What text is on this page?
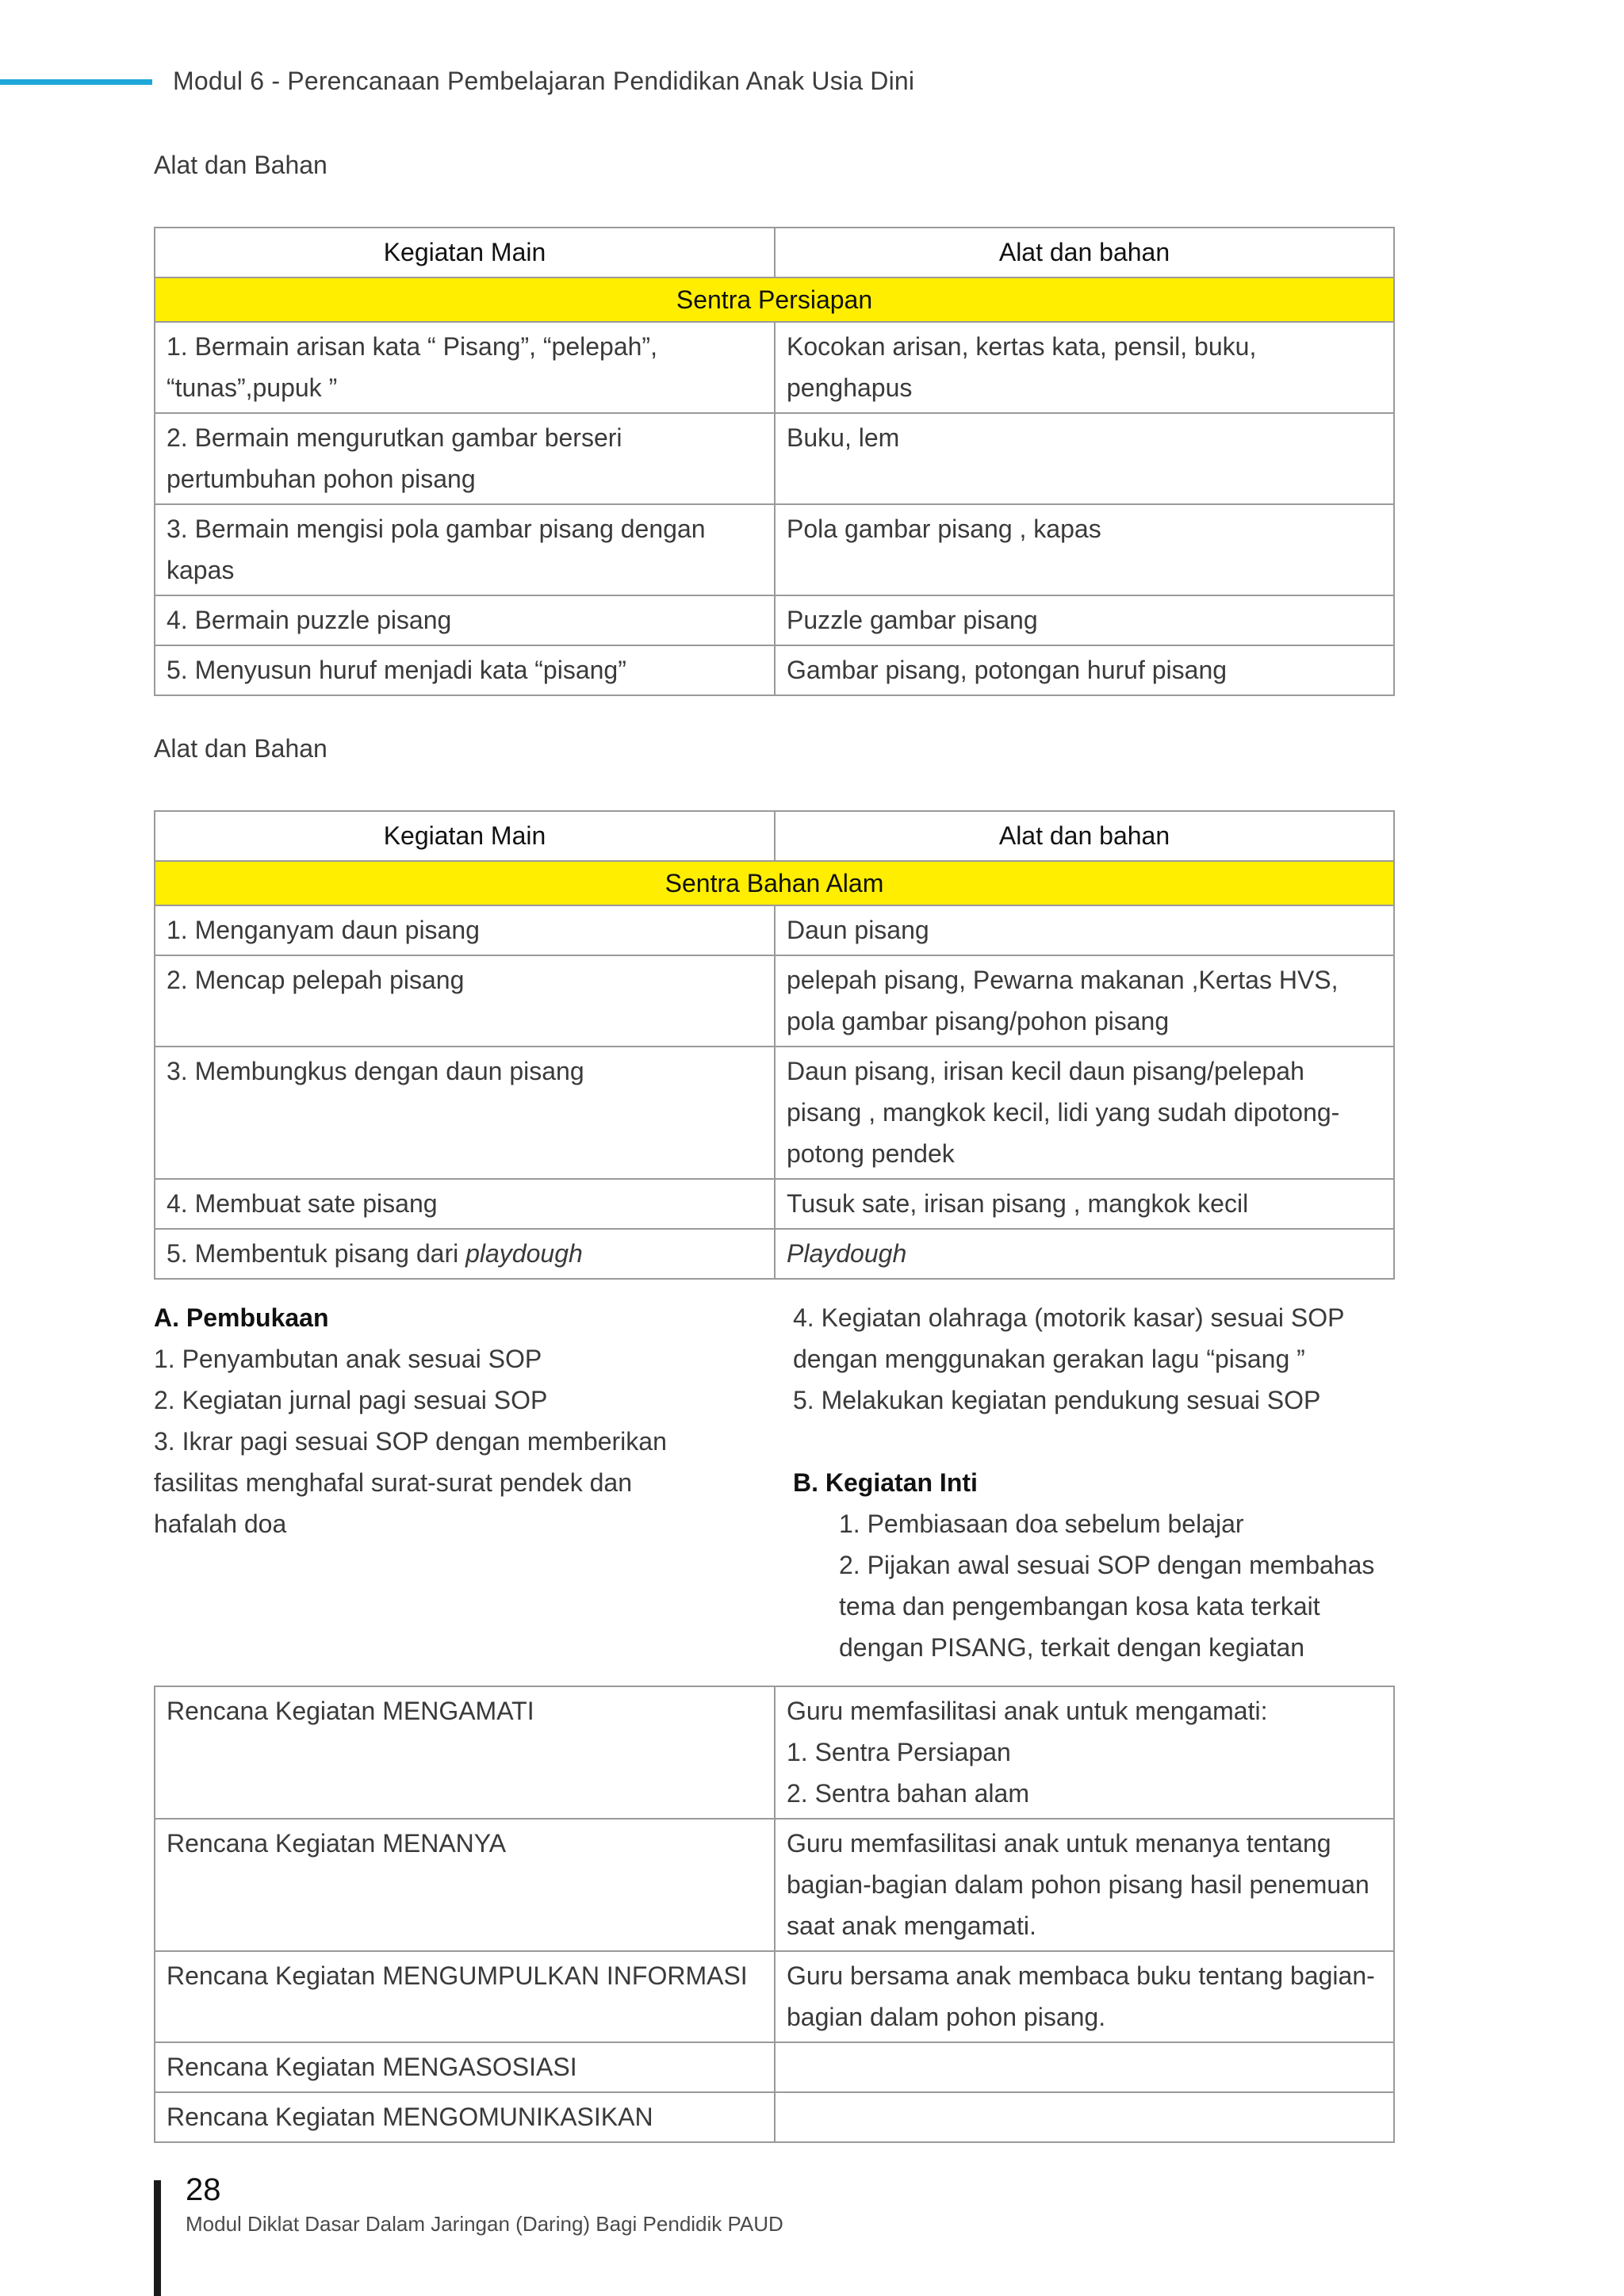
Modul 6 - Perencanaan Pembelajaran Pendidikan Anak Usia Dini
Alat dan Bahan
Kegiatan Main	Alat dan bahan
Sentra Persiapan	
1. Bermain arisan kata “ Pisang”, “pelepah”, “tunas”,pupuk ”	Kocokan arisan, kertas kata, pensil, buku, penghapus
2. Bermain mengurutkan gambar berseri pertumbuhan pohon pisang	Buku, lem
3. Bermain mengisi pola gambar pisang dengan kapas	Pola gambar pisang , kapas
4. Bermain puzzle pisang	Puzzle gambar pisang
5. Menyusun huruf menjadi kata “pisang”	Gambar pisang, potongan huruf pisang
Alat dan Bahan
Kegiatan Main	Alat dan bahan
Sentra Bahan Alam	
1. Menganyam daun pisang	Daun pisang
2. Mencap pelepah pisang	pelepah pisang, Pewarna makanan ,Kertas HVS, pola gambar pisang/pohon pisang
3. Membungkus dengan daun pisang	Daun pisang, irisan kecil daun pisang/pelepah pisang , mangkok kecil, lidi yang sudah dipotong-potong pendek
4. Membuat sate pisang	Tusuk sate, irisan pisang , mangkok kecil
5. Membentuk pisang dari playdough	Playdough
A. Pembukaan
1. Penyambutan anak sesuai SOP
2. Kegiatan jurnal pagi sesuai SOP
3. Ikrar pagi sesuai SOP dengan memberikan fasilitas menghafal surat-surat pendek dan hafalah doa
4. Kegiatan olahraga (motorik kasar) sesuai SOP dengan menggunakan gerakan lagu “pisang ”
5. Melakukan kegiatan pendukung sesuai SOP
B. Kegiatan Inti
1. Pembiasaan doa sebelum belajar
2. Pijakan awal sesuai SOP dengan membahas tema dan pengembangan kosa kata terkait dengan PISANG, terkait dengan kegiatan
Rencana Kegiatan MENGAMATI	Guru memfasilitasi anak untuk mengamati:
1. Sentra Persiapan
2. Sentra bahan alam

Rencana Kegiatan MENANYA	Guru memfasilitasi anak untuk menanya tentang bagian-bagian dalam pohon pisang hasil penemuan saat anak mengamati.
Rencana Kegiatan MENGUMPULKAN INFORMASI	Guru bersama anak membaca buku tentang bagian-bagian dalam pohon pisang.
Rencana Kegiatan MENGASOSIASI	
Rencana Kegiatan MENGOMUNIKASIKAN	
28
Modul Diklat Dasar Dalam Jaringan (Daring) Bagi Pendidik PAUD
